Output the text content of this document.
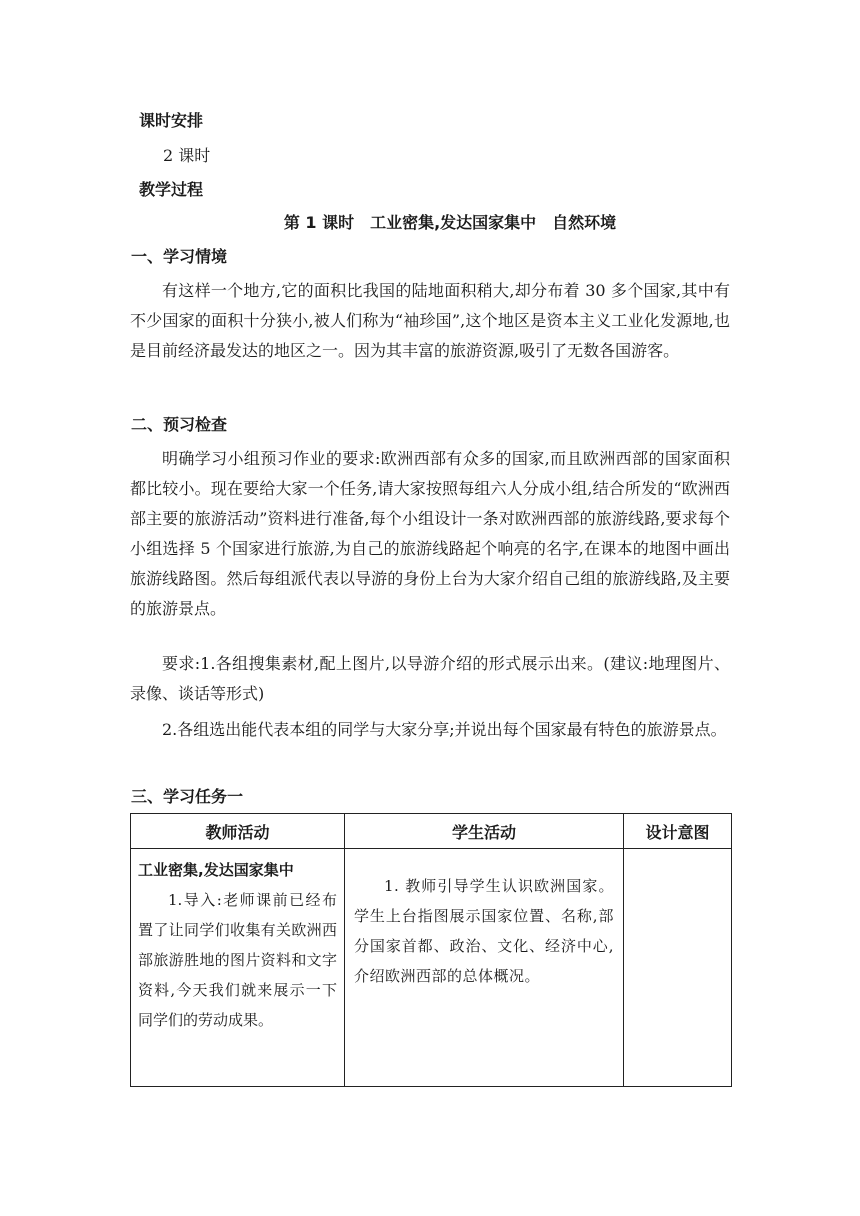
课时安排
2 课时
教学过程
第 1 课时　工业密集,发达国家集中　自然环境
一、学习情境
有这样一个地方,它的面积比我国的陆地面积稍大,却分布着 30 多个国家,其中有不少国家的面积十分狭小,被人们称为“袖珍国”,这个地区是资本主义工业化发源地,也是目前经济最发达的地区之一。因为其丰富的旅游资源,吸引了无数各国游客。
二、预习检查
明确学习小组预习作业的要求:欧洲西部有众多的国家,而且欧洲西部的国家面积都比较小。现在要给大家一个任务,请大家按照每组六人分成小组,结合所发的“欧洲西部主要的旅游活动”资料进行准备,每个小组设计一条对欧洲西部的旅游线路,要求每个小组选择 5 个国家进行旅游,为自己的旅游线路起个响亮的名字,在课本的地图中画出旅游线路图。然后每组派代表以导游的身份上台为大家介绍自己组的旅游线路,及主要的旅游景点。
要求:1.各组搜集素材,配上图片,以导游介绍的形式展示出来。(建议:地理图片、录像、谈话等形式)
2.各组选出能代表本组的同学与大家分享;并说出每个国家最有特色的旅游景点。
三、学习任务一
教师活动	学生活动	设计意图

工业密集,发达国家集中
1.导入:老师课前已经布置了让同学们收集有关欧洲西部旅游胜地的图片资料和文字资料,今天我们就来展示一下同学们的劳动成果。	1. 教师引导学生认识欧洲国家。学生上台指图展示国家位置、名称,部分国家首都、政治、文化、经济中心,介绍欧洲西部的总体概况。	
